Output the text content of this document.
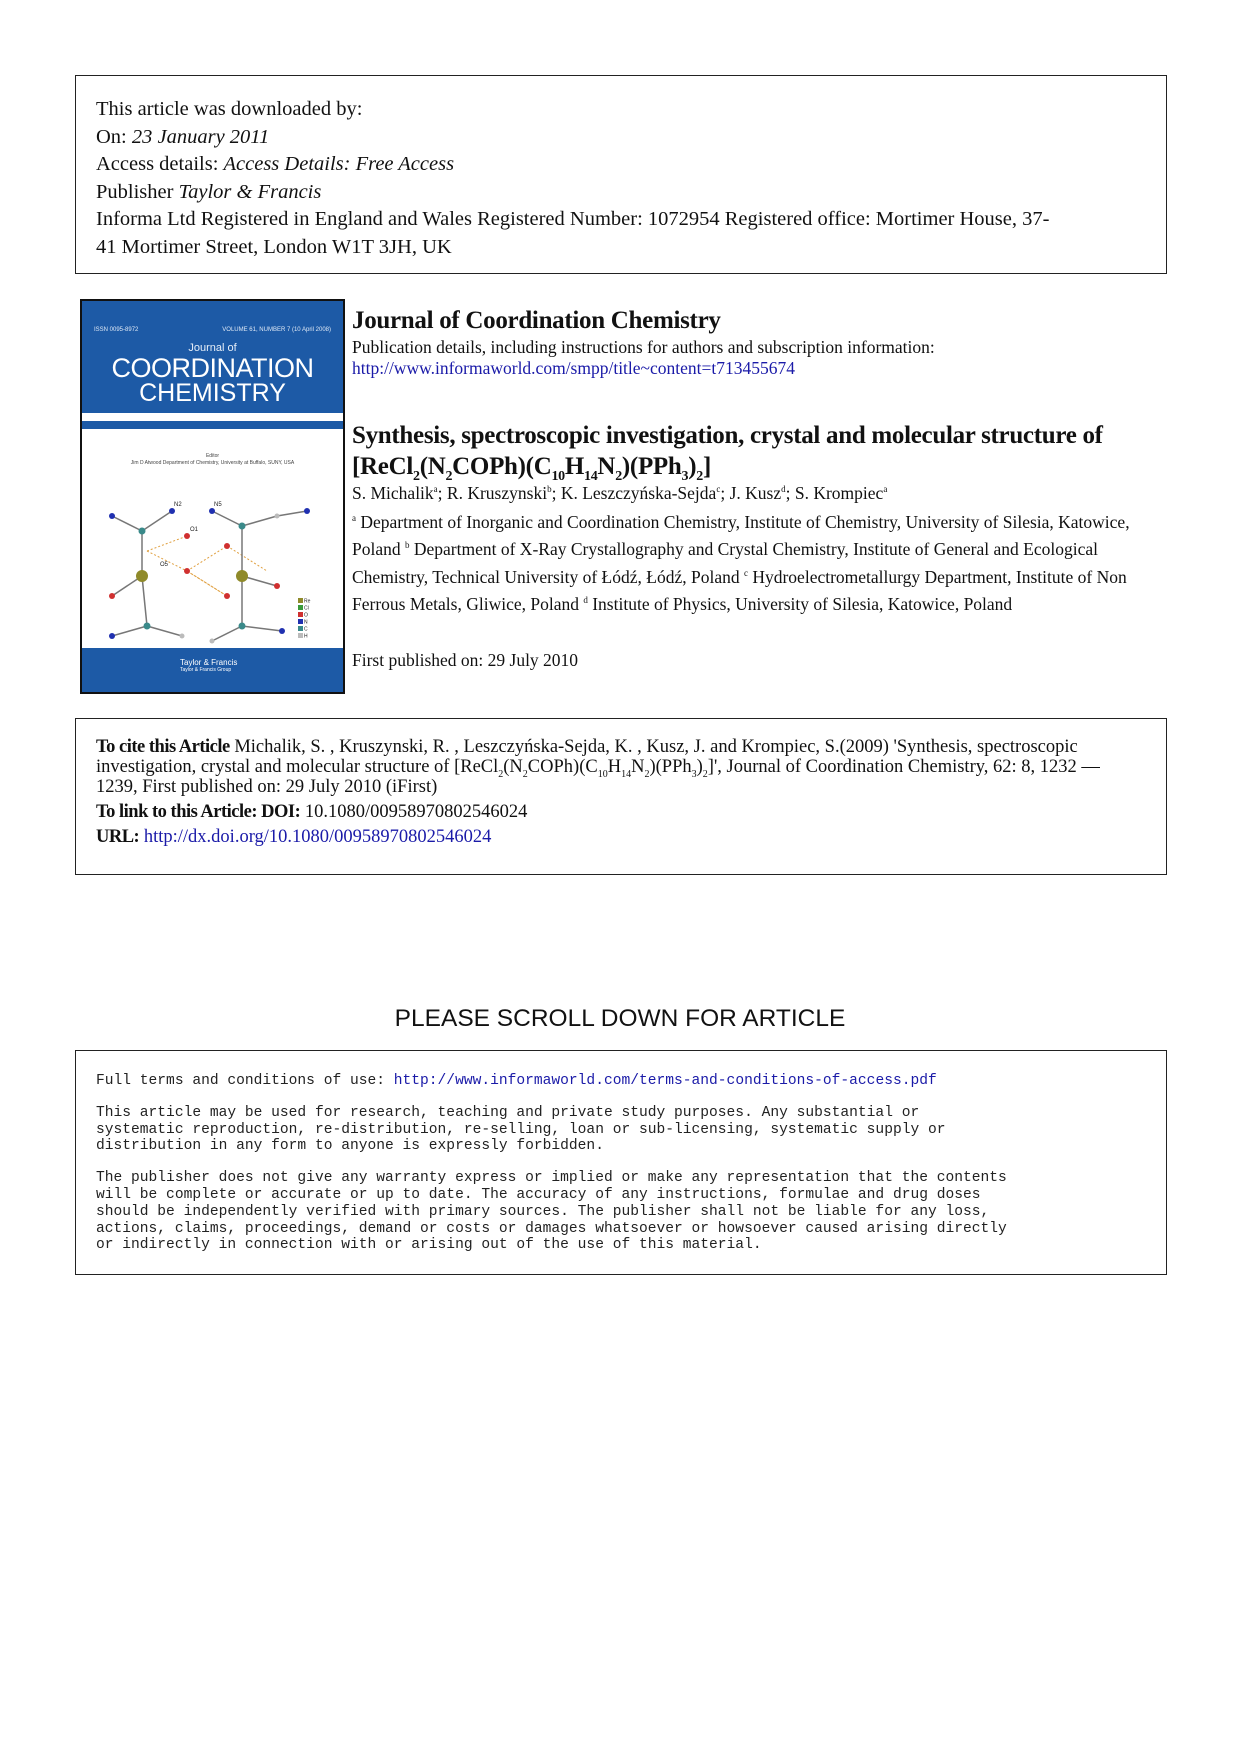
This article was downloaded by:
On: 23 January 2011
Access details: Access Details: Free Access
Publisher Taylor & Francis
Informa Ltd Registered in England and Wales Registered Number: 1072954 Registered office: Mortimer House, 37-
41 Mortimer Street, London W1T 3JH, UK
ISSN 0095-8972	VOLUME 61, NUMBER 7 (10 April 2008)
Journal of
COORDINATION
CHEMISTRY
Editor
Jim D Atwood Department of Chemistry, University at Buffalo, SUNY, USA
N2	N5
O1
O5
Re
Cl
O
N
C
H
Taylor & Francis
Taylor & Francis Group
Journal of Coordination Chemistry
Publication details, including instructions for authors and subscription information:
http://www.informaworld.com/smpp/title~content=t713455674
Synthesis, spectroscopic investigation, crystal and molecular structure of
$[ReCl_2(N_2COPh)(C_{10}H_{14}N_2)(PPh_3)_2]$
S. Michalik$^a$; R. Kruszynski$^b$; K. Leszczyńska-Sejda$^c$; J. Kusz$^d$; S. Krompiec$^a$
$^a$ Department of Inorganic and Coordination Chemistry, Institute of Chemistry, University of Silesia, Katowice, Poland $^b$ Department of X-Ray Crystallography and Crystal Chemistry, Institute of General and Ecological Chemistry, Technical University of Łódź, Łódź, Poland $^c$ Hydroelectrometallurgy Department, Institute of Non Ferrous Metals, Gliwice, Poland $^d$ Institute of Physics, University of Silesia, Katowice, Poland
First published on: 29 July 2010
To cite this Article Michalik, S. , Kruszynski, R. , Leszczyńska-Sejda, K. , Kusz, J. and Krompiec, S.(2009) 'Synthesis, spectroscopic investigation, crystal and molecular structure of $[ReCl_2(N_2COPh)(C_{10}H_{14}N_2)(PPh_3)_2]'$, Journal of Coordination Chemistry, 62: 8, 1232 — 1239, First published on: 29 July 2010 (iFirst)
To link to this Article: DOI: 10.1080/00958970802546024
URL: http://dx.doi.org/10.1080/00958970802546024
PLEASE SCROLL DOWN FOR ARTICLE

Full terms and conditions of use: http://www.informaworld.com/terms-and-conditions-of-access.pdf

This article may be used for research, teaching and private study purposes. Any substantial or
systematic reproduction, re-distribution, re-selling, loan or sub-licensing, systematic supply or
distribution in any form to anyone is expressly forbidden.

The publisher does not give any warranty express or implied or make any representation that the contents
will be complete or accurate or up to date. The accuracy of any instructions, formulae and drug doses
should be independently verified with primary sources. The publisher shall not be liable for any loss,
actions, claims, proceedings, demand or costs or damages whatsoever or howsoever caused arising directly
or indirectly in connection with or arising out of the use of this material.
